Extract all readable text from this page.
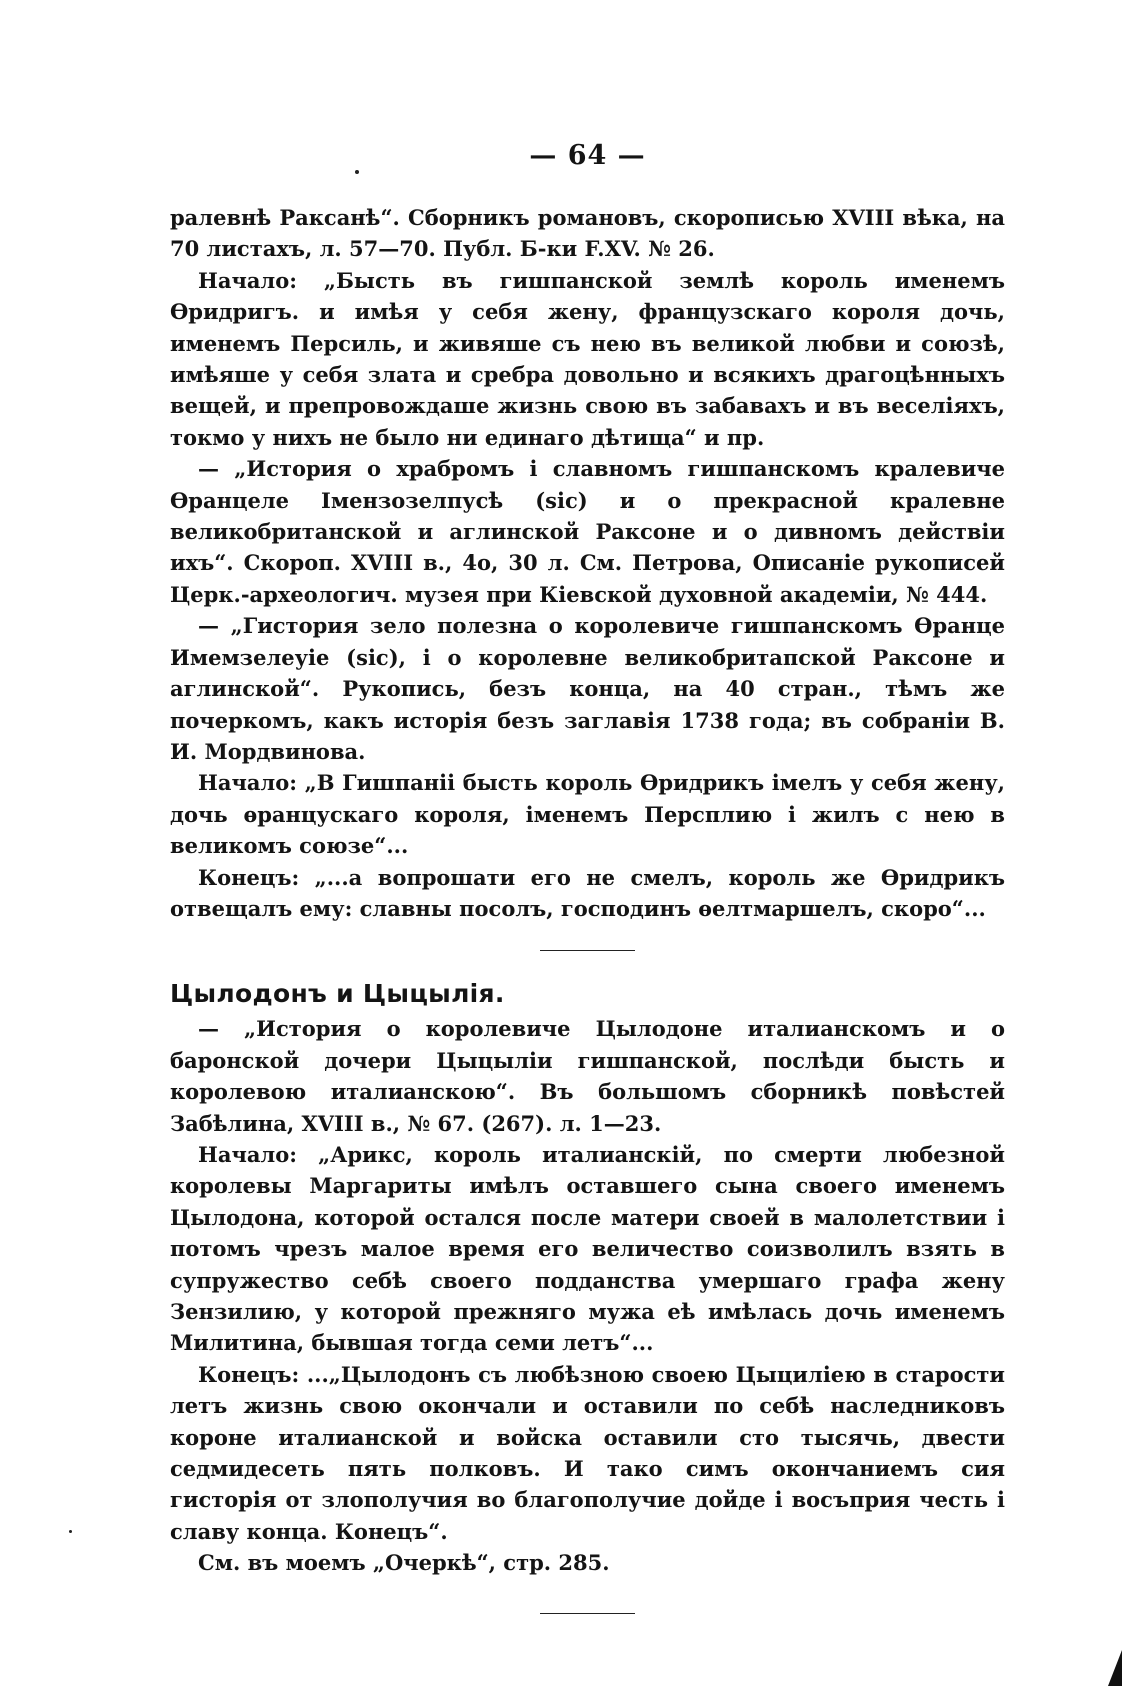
— 64 —

ралевнѣ Раксанѣ“. Сборникъ романовъ, скорописью XVIII вѣка, на 70 листахъ, л. 57—70. Публ. Б-ки F.XV. № 26.

Начало: „Бысть въ гишпанской землѣ король именемъ Ѳридригъ. и имѣя у себя жену, французскаго короля дочь, именемъ Персиль, и живяше съ нею въ великой любви и союзѣ, имѣяше у себя злата и сребра довольно и всякихъ драгоцѣнныхъ вещей, и препровождаше жизнь свою въ забавахъ и въ веселіяхъ, токмо у нихъ не было ни единаго дѣтища“ и пр.

— „История о храбромъ і славномъ гишпанскомъ кралевиче Ѳранцеле Імензозелпусѣ (sic) и о прекрасной кралевне великобританской и аглинской Раксоне и о дивномъ действіи ихъ“. Скороп. XVIII в., 4о, 30 л. См. Петрова, Описаніе рукописей Церк.-археологич. музея при Кіевской духовной академіи, № 444.

— „Гистория зело полезна о королевиче гишпанскомъ Ѳранце Имемзелеуіе (sic), і о королевне великобритапской Раксоне и аглинской“. Рукопись, безъ конца, на 40 стран., тѣмъ же почеркомъ, какъ исторія безъ заглавія 1738 года; въ собраніи В. И. Мордвинова.

Начало: „В Гишпаніі бысть король Ѳридрикъ імелъ у себя жену, дочь ѳранцускаго короля, іменемъ Персплию і жилъ с нею в великомъ союзе“...

Конецъ: „...а вопрошати его не смелъ, король же Ѳридрикъ отвещалъ ему: славны посолъ, господинъ ѳелтмаршелъ, скоро“...

Цылодонъ и Цыцылія.

— „История о королевиче Цылодоне италианскомъ и о баронской дочери Цыцыліи гишпанской, послѣди бысть и королевою италианскою“. Въ большомъ сборникѣ повѣстей Забѣлина, XVIII в., № 67. (267). л. 1—23.

Начало: „Арикс, король италианскій, по смерти любезной королевы Маргариты имѣлъ оставшего сына своего именемъ Цылодона, которой остался после матери своей в малолетствии і потомъ чрезъ малое время его величество соизволилъ взять в супружество себѣ своего подданства умершаго графа жену Зензилию, у которой прежняго мужа eѣ имѣлась дочь именемъ Милитина, бывшая тогда семи летъ“...

Конецъ: ...„Цылодонъ съ любѣзною своею Цыциліею в старости летъ жизнь свою окончали и оставили по себѣ наследниковъ короне италианской и войска оставили сто тысячь, двести седмидесеть пять полковъ. И тако симъ окончаниемъ сия гисторія от злополучия во благополучие дойде і восъприя честь і славу конца. Конецъ“.

См. въ моемъ „Очеркѣ“, стр. 285.
